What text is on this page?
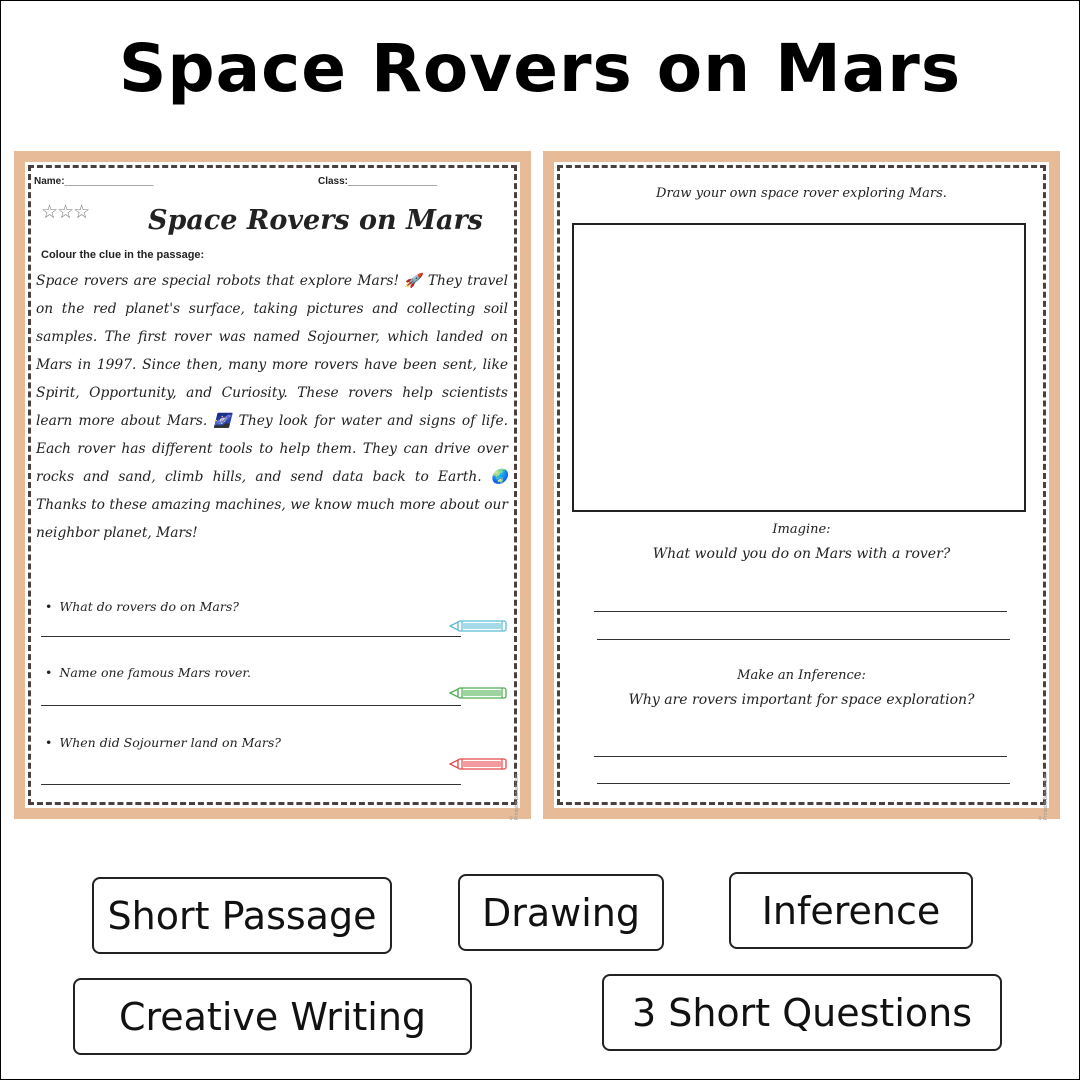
Space Rovers on Mars
Name:________________	Class:________________
☆☆☆ Space Rovers on Mars
Colour the clue in the passage:
Space rovers are special robots that explore Mars! 🚀 They travel on the red planet's surface, taking pictures and collecting soil samples. The first rover was named Sojourner, which landed on Mars in 1997. Since then, many more rovers have been sent, like Spirit, Opportunity, and Curiosity. These rovers help scientists learn more about Mars. 🌌 They look for water and signs of life. Each rover has different tools to help them. They can drive over rocks and sand, climb hills, and send data back to Earth. 🌏 Thanks to these amazing machines, we know much more about our neighbor planet, Mars!
• What do rovers do on Mars?
• Name one famous Mars rover.
• When did Sojourner land on Mars?
© PrintableBazaar.com
Draw your own space rover exploring Mars.
Imagine:
What would you do on Mars with a rover?
Make an Inference:
Why are rovers important for space exploration?
© PrintableBazaar.com
Short Passage	Drawing	Inference
Creative Writing	3 Short Questions
